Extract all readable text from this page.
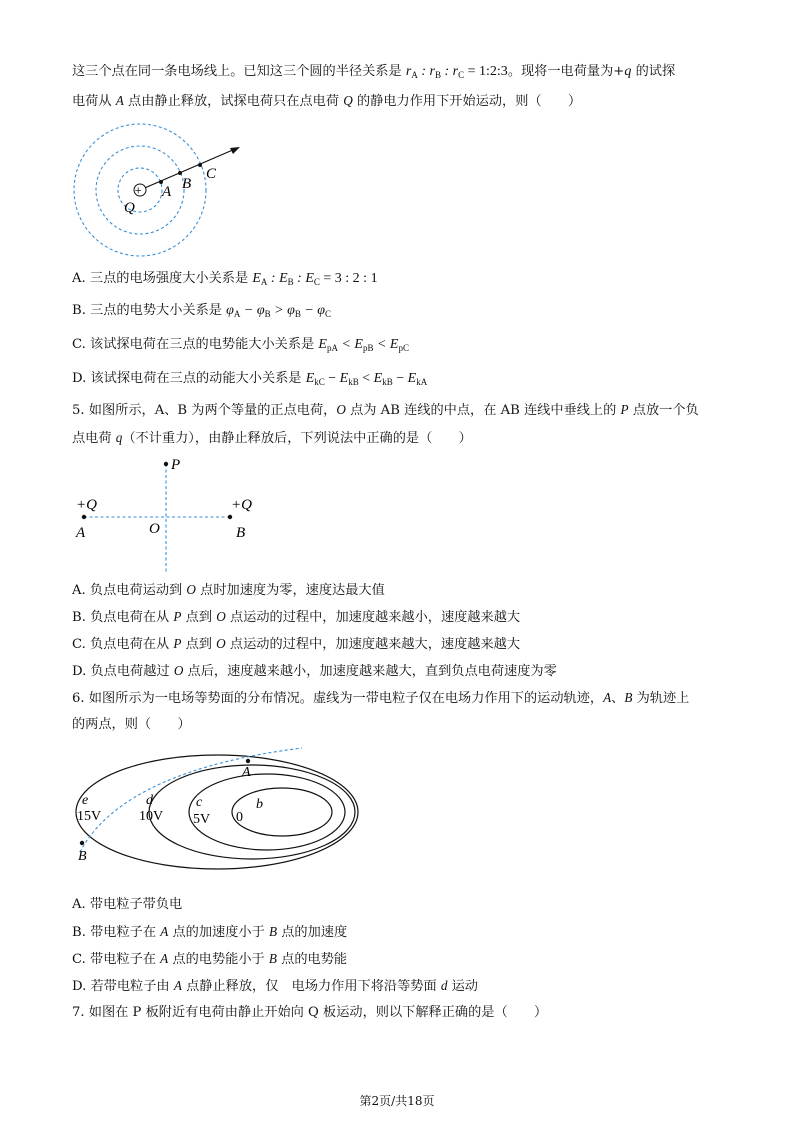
这三个点在同一条电场线上。已知这三个圆的半径关系是 $r_A$ : $r_B$ : $r_C$ = 1:2:3。现将一电荷量为+q 的试探
电荷从 A 点由静止释放，试探电荷只在点电荷 Q 的静电力作用下开始运动，则（　　）
+
Q
A B
C
A. 三点的电场强度大小关系是 $E_A$ : $E_B$ : $E_C = 3$ : 2 : 1
B. 三点的电势大小关系是 $\varphi_A - \varphi_B > \varphi_B - \varphi_C$
C. 该试探电荷在三点的电势能大小关系是 $E_{pA} < E_{pB} < E_{pC}$
D. 该试探电荷在三点的动能大小关系是 $E_{kC} - E_{kB} < E_{kB} - E_{kA}$
5. 如图所示，A、B 为两个等量的正点电荷，O 点为 AB 连线的中点，在 AB 连线中垂线上的 P 点放一个负
点电荷 q（不计重力），由静止释放后，下列说法中正确的是（　　）
P
+Q	+Q
A	B
O
A. 负点电荷运动到 O 点时加速度为零，速度达最大值
B. 负点电荷在从 P 点到 O 点运动的过程中，加速度越来越小，速度越来越大
C. 负点电荷在从 P 点到 O 点运动的过程中，加速度越来越大，速度越来越大
D. 负点电荷越过 O 点后，速度越来越小，加速度越来越大，直到负点电荷速度为零
6. 如图所示为一电场等势面的分布情况。虚线为一带电粒子仅在电场力作用下的运动轨迹，A、B 为轨迹上
的两点，则（　　）
A
B
e
15V
d
10V
c
5V
b
0
A. 带电粒子带负电
B. 带电粒子在 A 点的加速度小于 B 点的加速度
C. 带电粒子在 A 点的电势能小于 B 点的电势能
D. 若带电粒子由 A 点静止释放，仅　电场力作用下将沿等势面 d 运动
7. 如图在 P 板附近有电荷由静止开始向 Q 板运动，则以下解释正确的是（　　）
第2页/共18页
